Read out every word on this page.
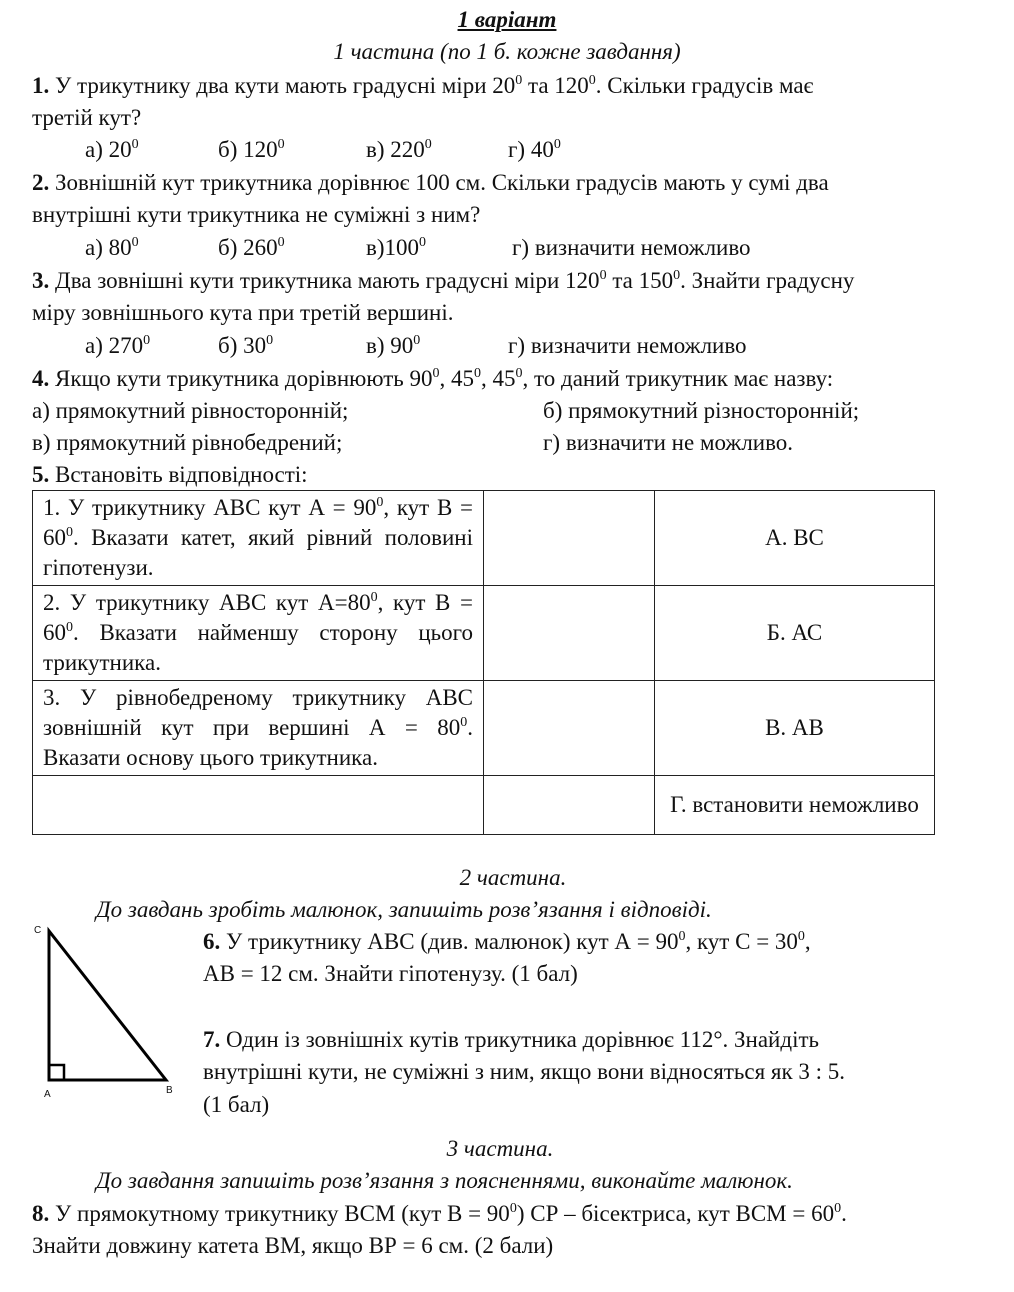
1 варіант
1 частина (по 1 б. кожне завдання)
1. У трикутнику два кути мають градусні міри $20^0$ та $120^0$. Скільки градусів має
третій кут?
а) $20^0$	б) $120^0$	в) $220^0$	г) $40^0$
2. Зовнішній кут трикутника дорівнює 100 см. Скільки градусів мають у сумі два
внутрішні кути трикутника не суміжні з ним?
а) $80^0$	б) $260^0$	$в)100^0$	г) визначити неможливо
3. Два зовнішні кути трикутника мають градусні міри $120^0$ та $150^0$. Знайти градусну
міру зовнішнього кута при третій вершині.
а) $270^0$	б) $30^0$	в) $90^0$	г) визначити неможливо
4. Якщо кути трикутника дорівнюють $90^0$, $45^0$, $45^0$, то даний трикутник має назву:
а) прямокутний рівносторонній;	б) прямокутний різносторонній;
в) прямокутний рівнобедрений;	г) визначити не можливо.
5. Встановіть відповідності:
1. У трикутнику АВС кут $А = 90^0$, кут $В = 60^0$. Вказати катет, який рівний половині гіпотенузи.		А. ВС
2. У трикутнику АВС кут $А=80^0$, кут $В = 60^0$. Вказати найменшу сторону цього трикутника.		Б. АС
3. У рівнобедреному трикутнику АВС зовнішній кут при вершині $А = 80^0$. Вказати основу цього трикутника.		В. АВ
		Г. встановити неможливо
2 частина.
До завдань зробіть малюнок, запишіть розв’язання і відповіді.
C
A	B
6. У трикутнику АВС (див. малюнок) кут $А = 90^0$, кут $С = 30^0$,
АВ = 12 см. Знайти гіпотенузу. (1 бал)
7. Один із зовнішніх кутів трикутника дорівнює 112°. Знайдіть
внутрішні кути, не суміжні з ним, якщо вони відносяться як 3 : 5.
(1 бал)
3 частина.
До завдання запишіть розв’язання з поясненнями, виконайте малюнок.
8. У прямокутному трикутнику ВСМ (кут $В = 90^0$) СР – бісектриса, кут ВСМ = $60^0$.
Знайти довжину катета ВМ, якщо ВР = 6 см. (2 бали)
